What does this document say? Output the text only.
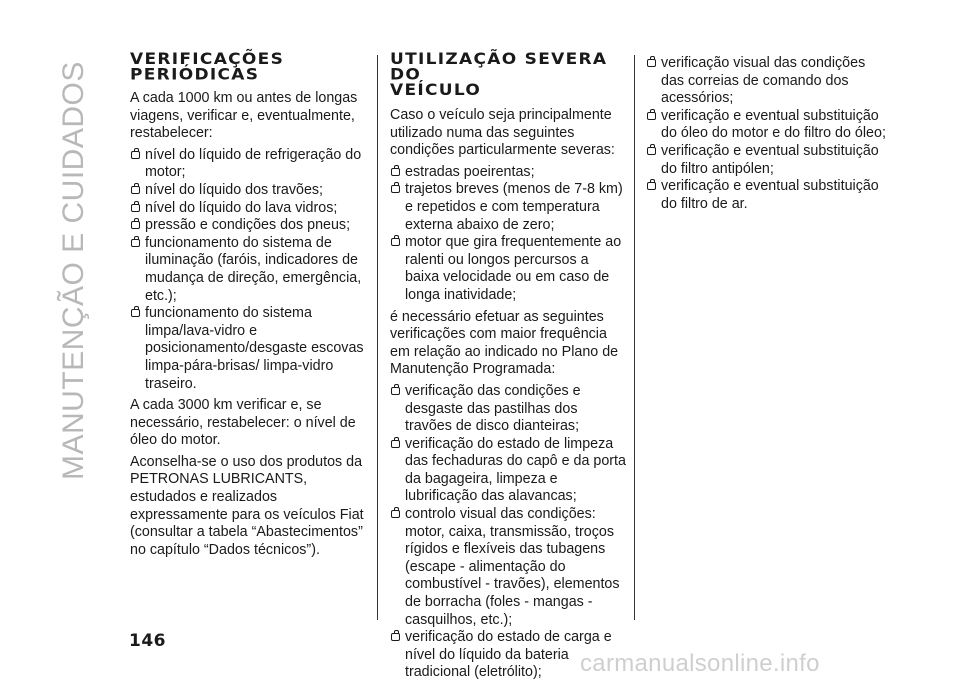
MANUTENÇÃO E CUIDADOS
VERIFICAÇÕES
PERIÓDICAS
A cada 1000 km ou antes de longas viagens, verificar e, eventualmente, restabelecer:
nível do líquido de refrigeração do motor;
nível do líquido dos travões;
nível do líquido do lava vidros;
pressão e condições dos pneus;
funcionamento do sistema de iluminação (faróis, indicadores de mudança de direção, emergência, etc.);
funcionamento do sistema limpa/lava-vidro e posicionamento/desgaste escovas limpa-pára-brisas/ limpa-vidro traseiro.
A cada 3000 km verificar e, se necessário, restabelecer: o nível de óleo do motor.
Aconselha-se o uso dos produtos da PETRONAS LUBRICANTS, estudados e realizados expressamente para os veículos Fiat (consultar a tabela “Abastecimentos” no capítulo “Dados técnicos”).
UTILIZAÇÃO SEVERA DO
VEÍCULO
Caso o veículo seja principalmente utilizado numa das seguintes condições particularmente severas:
estradas poeirentas;
trajetos breves (menos de 7-8 km) e repetidos e com temperatura externa abaixo de zero;
motor que gira frequentemente ao ralenti ou longos percursos a baixa velocidade ou em caso de longa inatividade;
é necessário efetuar as seguintes verificações com maior frequência em relação ao indicado no Plano de Manutenção Programada:
verificação das condições e desgaste das pastilhas dos travões de disco dianteiras;
verificação do estado de limpeza das fechaduras do capô e da porta da bagageira, limpeza e lubrificação das alavancas;
controlo visual das condições: motor, caixa, transmissão, troços rígidos e flexíveis das tubagens (escape - alimentação do combustível - travões), elementos de borracha (foles - mangas - casquilhos, etc.);
verificação do estado de carga e nível do líquido da bateria tradicional (eletrólito);
verificação visual das condições das correias de comando dos acessórios;
verificação e eventual substituição do óleo do motor e do filtro do óleo;
verificação e eventual substituição do filtro antipólen;
verificação e eventual substituição do filtro de ar.
146
carmanualsonline.info
